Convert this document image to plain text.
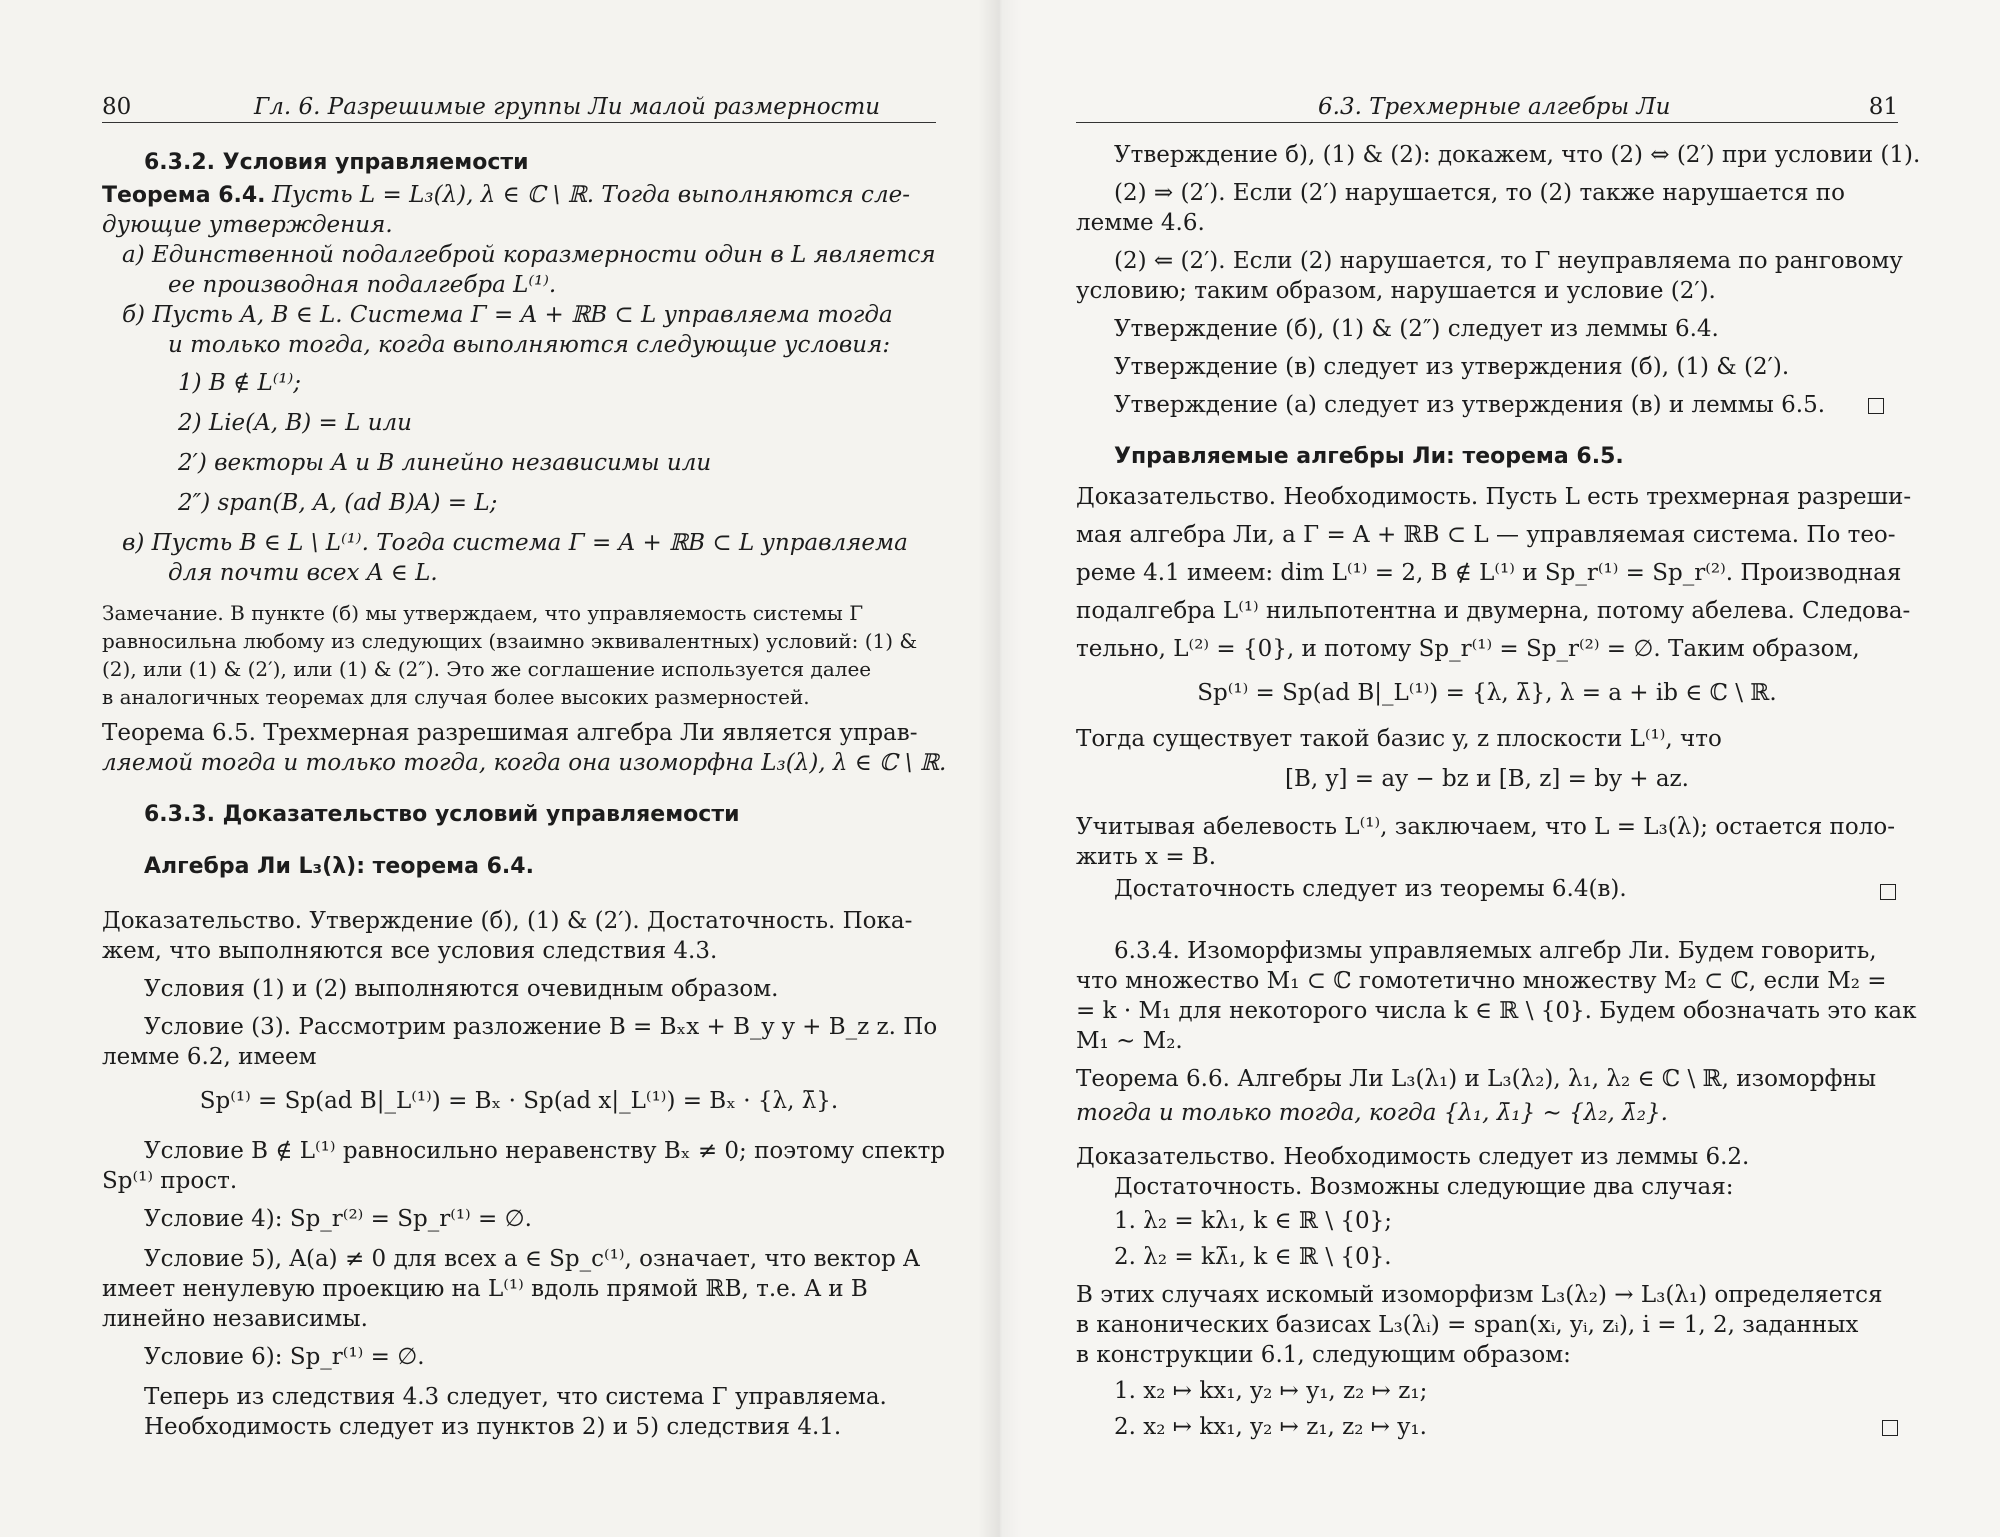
80	Гл. 6. Разрешимые группы Ли малой размерности
6.3.2. Условия управляемости
Теорема 6.4. Пусть L = L₃(λ), λ ∈ ℂ \ ℝ. Тогда выполняются сле-
дующие утверждения.
а) Единственной подалгеброй коразмерности один в L является
ее производная подалгебра L⁽¹⁾.
б) Пусть A, B ∈ L. Система Γ = A + ℝB ⊂ L управляема тогда
и только тогда, когда выполняются следующие условия:
1) B ∉ L⁽¹⁾;
2) Lie(A, B) = L или
2′) векторы A и B линейно независимы или
2″) span(B, A, (ad B)A) = L;
в) Пусть B ∈ L \ L⁽¹⁾. Тогда система Γ = A + ℝB ⊂ L управляема
для почти всех A ∈ L.
Замечание. В пункте (б) мы утверждаем, что управляемость системы Γ
равносильна любому из следующих (взаимно эквивалентных) условий: (1) &
(2), или (1) & (2′), или (1) & (2″). Это же соглашение используется далее
в аналогичных теоремах для случая более высоких размерностей.
Теорема 6.5. Трехмерная разрешимая алгебра Ли является управ-
ляемой тогда и только тогда, когда она изоморфна L₃(λ), λ ∈ ℂ \ ℝ.
6.3.3. Доказательство условий управляемости
Алгебра Ли L₃(λ): теорема 6.4.
Доказательство. Утверждение (б), (1) & (2′). Достаточность. Пока-
жем, что выполняются все условия следствия 4.3.
Условия (1) и (2) выполняются очевидным образом.
Условие (3). Рассмотрим разложение B = Bₓx + B_y y + B_z z. По
лемме 6.2, имеем
Sp⁽¹⁾ = Sp(ad B|_L⁽¹⁾) = Bₓ · Sp(ad x|_L⁽¹⁾) = Bₓ · {λ, λ̄}.
Условие B ∉ L⁽¹⁾ равносильно неравенству Bₓ ≠ 0; поэтому спектр
Sp⁽¹⁾ прост.
Условие 4): Sp_r⁽²⁾ = Sp_r⁽¹⁾ = ∅.
Условие 5), A(a) ≠ 0 для всех a ∈ Sp_c⁽¹⁾, означает, что вектор A
имеет ненулевую проекцию на L⁽¹⁾ вдоль прямой ℝB, т.е. A и B
линейно независимы.
Условие 6): Sp_r⁽¹⁾ = ∅.
Теперь из следствия 4.3 следует, что система Γ управляема.
Необходимость следует из пунктов 2) и 5) следствия 4.1.
6.3. Трехмерные алгебры Ли	81
Утверждение б), (1) & (2): докажем, что (2) ⇔ (2′) при условии (1).
(2) ⇒ (2′). Если (2′) нарушается, то (2) также нарушается по
лемме 4.6.
(2) ⇐ (2′). Если (2) нарушается, то Γ неуправляема по ранговому
условию; таким образом, нарушается и условие (2′).
Утверждение (б), (1) & (2″) следует из леммы 6.4.
Утверждение (в) следует из утверждения (б), (1) & (2′).
Утверждение (а) следует из утверждения (в) и леммы 6.5.
Управляемые алгебры Ли: теорема 6.5.
Доказательство. Необходимость. Пусть L есть трехмерная разреши-
мая алгебра Ли, а Γ = A + ℝB ⊂ L — управляемая система. По тео-
реме 4.1 имеем: dim L⁽¹⁾ = 2, B ∉ L⁽¹⁾ и Sp_r⁽¹⁾ = Sp_r⁽²⁾. Производная
подалгебра L⁽¹⁾ нильпотентна и двумерна, потому абелева. Следова-
тельно, L⁽²⁾ = {0}, и потому Sp_r⁽¹⁾ = Sp_r⁽²⁾ = ∅. Таким образом,
Sp⁽¹⁾ = Sp(ad B|_L⁽¹⁾) = {λ, λ̄}, λ = a + ib ∈ ℂ \ ℝ.
Тогда существует такой базис y, z плоскости L⁽¹⁾, что
[B, y] = ay − bz и [B, z] = by + az.
Учитывая абелевость L⁽¹⁾, заключаем, что L = L₃(λ); остается поло-
жить x = B.
Достаточность следует из теоремы 6.4(в).
6.3.4. Изоморфизмы управляемых алгебр Ли. Будем говорить,
что множество M₁ ⊂ ℂ гомотетично множеству M₂ ⊂ ℂ, если M₂ =
= k · M₁ для некоторого числа k ∈ ℝ \ {0}. Будем обозначать это как
M₁ ∼ M₂.
Теорема 6.6. Алгебры Ли L₃(λ₁) и L₃(λ₂), λ₁, λ₂ ∈ ℂ \ ℝ, изоморфны
тогда и только тогда, когда {λ₁, λ̄₁} ∼ {λ₂, λ̄₂}.
Доказательство. Необходимость следует из леммы 6.2.
Достаточность. Возможны следующие два случая:
1. λ₂ = kλ₁, k ∈ ℝ \ {0};
2. λ₂ = kλ̄₁, k ∈ ℝ \ {0}.
В этих случаях искомый изоморфизм L₃(λ₂) → L₃(λ₁) определяется
в канонических базисах L₃(λᵢ) = span(xᵢ, yᵢ, zᵢ), i = 1, 2, заданных
в конструкции 6.1, следующим образом:
1. x₂ ↦ kx₁, y₂ ↦ y₁, z₂ ↦ z₁;
2. x₂ ↦ kx₁, y₂ ↦ z₁, z₂ ↦ y₁.
